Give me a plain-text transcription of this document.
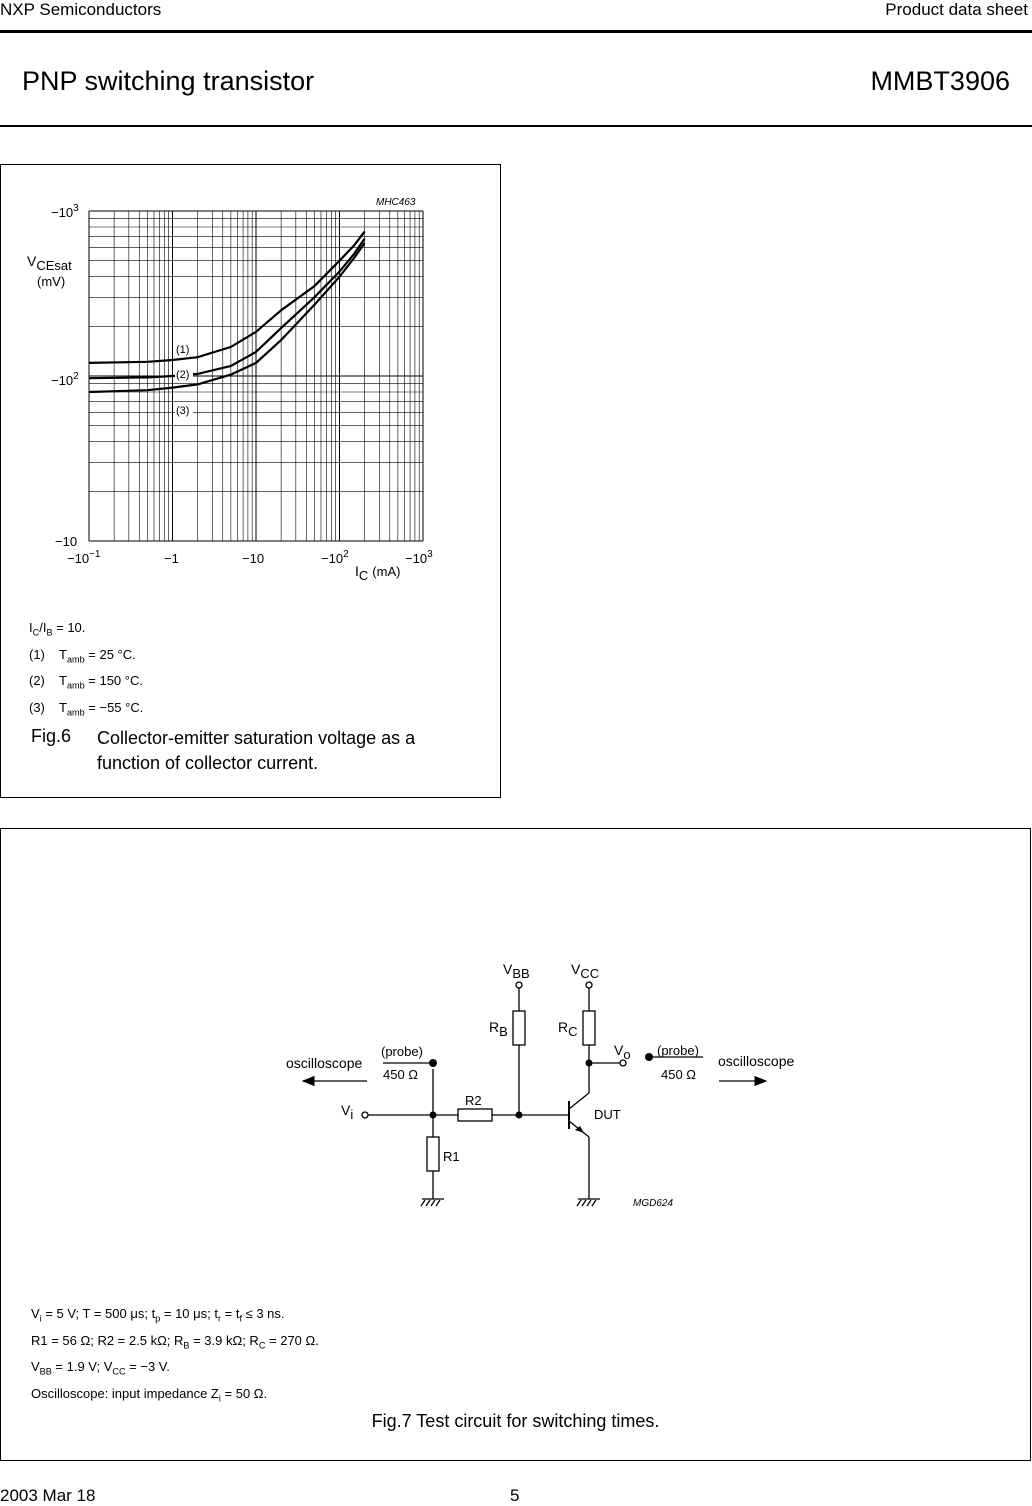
NXP Semiconductors	Product data sheet
PNP switching transistor	MMBT3906
MHC463
VCEsat
(mV)
IC (mA)
$-10^3$
$-10^2$
−10
$-10^{-1}$	−1	−10	$-10^2$	$-10^3$
(1)
(2)
(3)
$I_C/I_B = 10$.
(1) $T_{amb} = 25$ °C.
(2) $T_{amb} = 150$ °C.
(3) $T_{amb} = -55$ °C.
Fig.6 Collector-emitter saturation voltage as a
function of collector current.
VBB	VCC
RB	RC
Vo
Vi
R2
R1
DUT
(probe)
450 Ω
(probe)
450 Ω
oscilloscope	oscilloscope
MGD624
$V_i = 5$ V; T = 500 μs; $t_p = 10$ μs; $t_r = t_f \le 3$ ns.
R1 = 56 Ω; R2 = 2.5 kΩ; $R_B = 3.9$ kΩ; $R_C = 270$ Ω.
$V_{BB} = 1.9$ V; $V_{CC} = -3$ V.
Oscilloscope: input impedance $Z_i = 50$ Ω.
Fig.7 Test circuit for switching times.
2003 Mar 18	5
